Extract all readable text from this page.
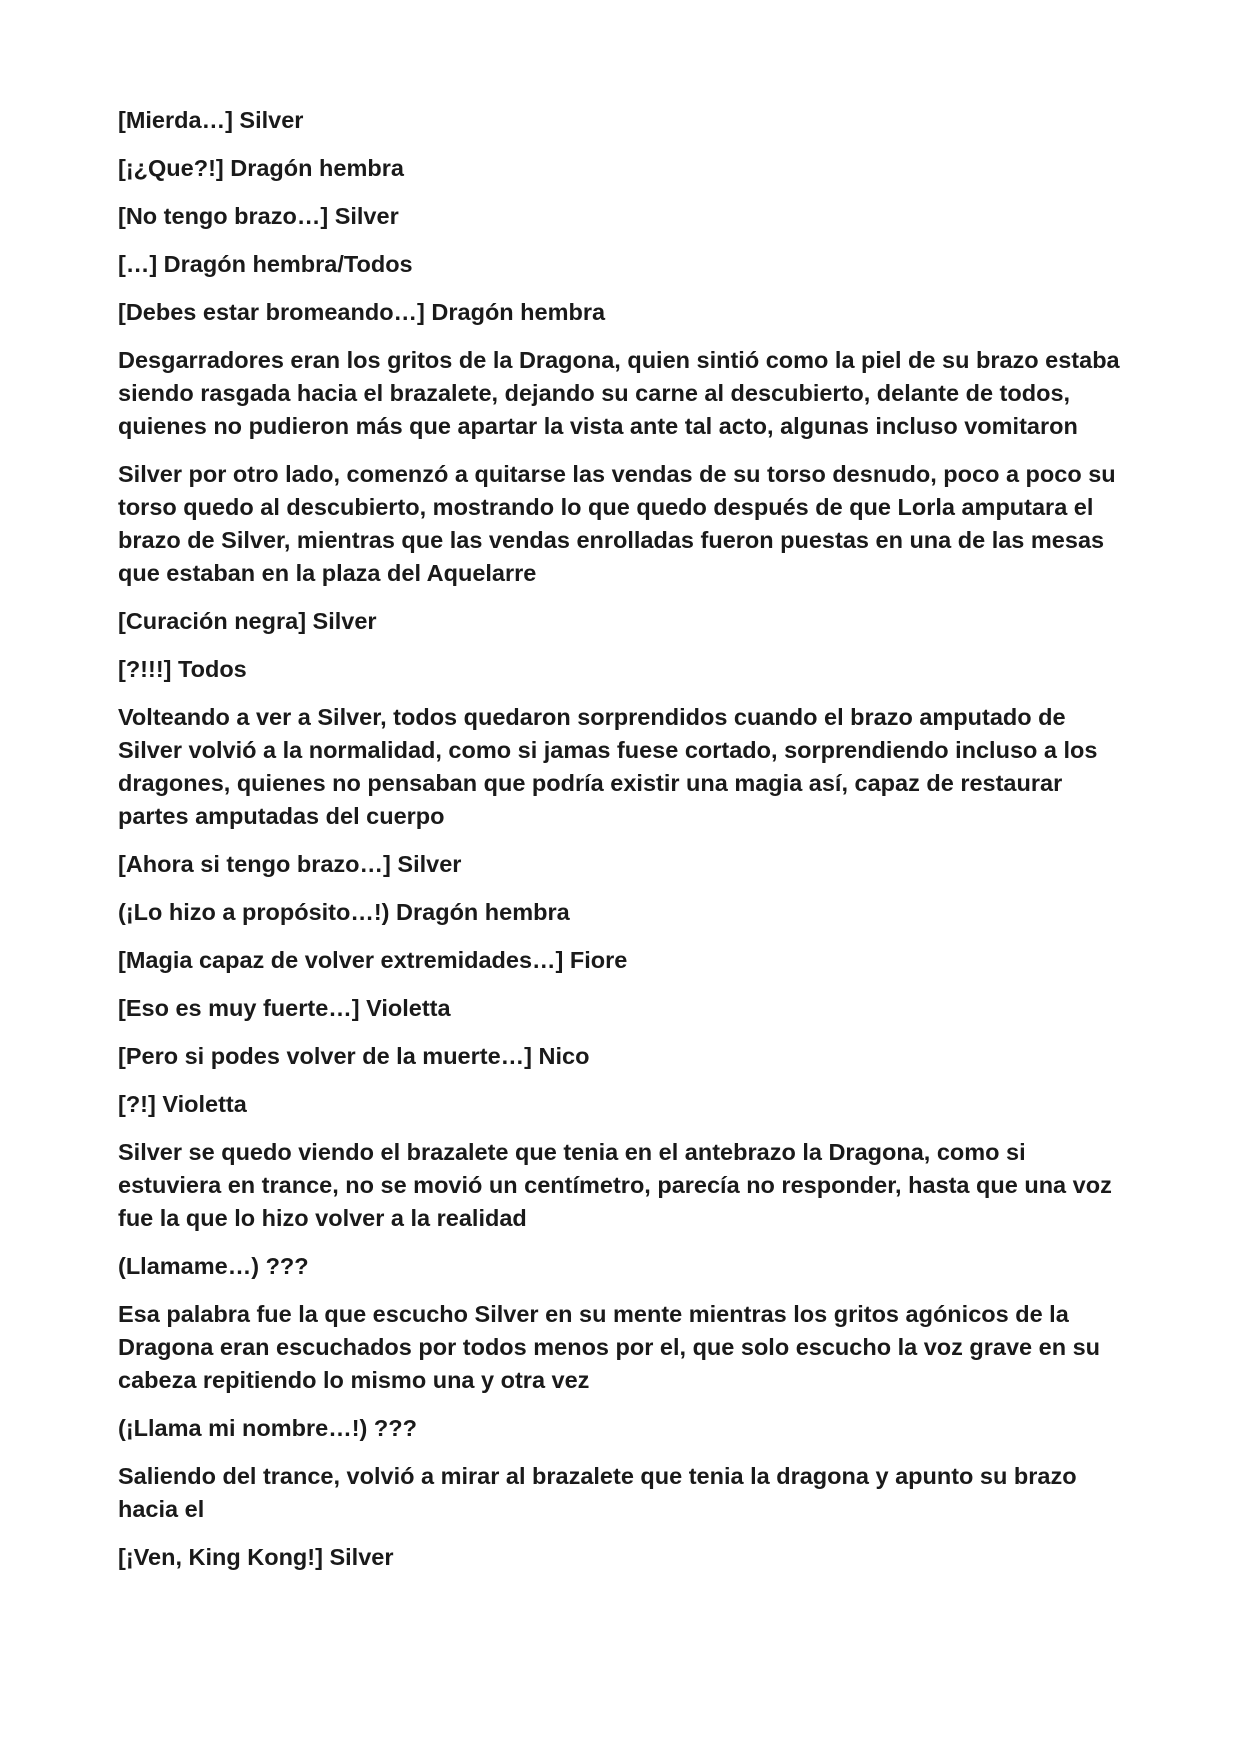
[Mierda…] Silver

[¡¿Que?!] Dragón hembra

[No tengo brazo…] Silver

[…] Dragón hembra/Todos

[Debes estar bromeando…] Dragón hembra

Desgarradores eran los gritos de la Dragona, quien sintió como la piel de su brazo estaba siendo rasgada hacia el brazalete, dejando su carne al descubierto, delante de todos, quienes no pudieron más que apartar la vista ante tal acto, algunas incluso vomitaron

Silver por otro lado, comenzó a quitarse las vendas de su torso desnudo, poco a poco su torso quedo al descubierto, mostrando lo que quedo después de que Lorla amputara el brazo de Silver, mientras que las vendas enrolladas fueron puestas en una de las mesas que estaban en la plaza del Aquelarre

[Curación negra] Silver

[?!!!] Todos

Volteando a ver a Silver, todos quedaron sorprendidos cuando el brazo amputado de Silver volvió a la normalidad, como si jamas fuese cortado, sorprendiendo incluso a los dragones, quienes no pensaban que podría existir una magia así, capaz de restaurar partes amputadas del cuerpo

[Ahora si tengo brazo…] Silver

(¡Lo hizo a propósito…!) Dragón hembra

[Magia capaz de volver extremidades…] Fiore

[Eso es muy fuerte…] Violetta

[Pero si podes volver de la muerte…] Nico

[?!] Violetta

Silver se quedo viendo el brazalete que tenia en el antebrazo la Dragona, como si estuviera en trance, no se movió un centímetro, parecía no responder, hasta que una voz fue la que lo hizo volver a la realidad

(Llamame…) ???

Esa palabra fue la que escucho Silver en su mente mientras los gritos agónicos de la Dragona eran escuchados por todos menos por el, que solo escucho la voz grave en su cabeza repitiendo lo mismo una y otra vez

(¡Llama mi nombre…!) ???

Saliendo del trance, volvió a mirar al brazalete que tenia la dragona y apunto su brazo hacia el

[¡Ven, King Kong!] Silver
